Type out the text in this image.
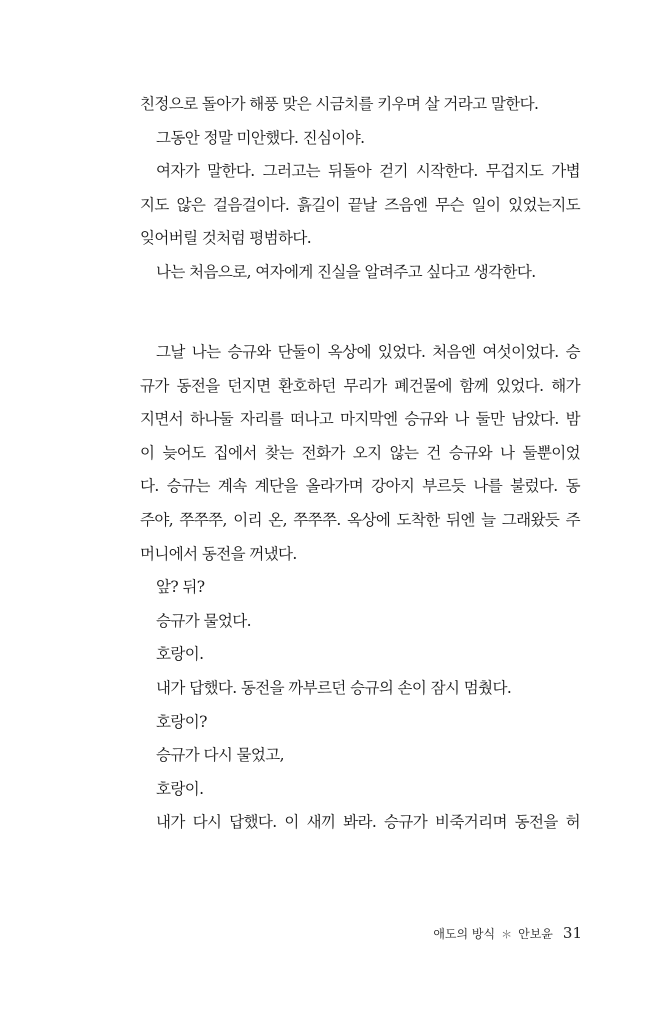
친정으로 돌아가 해풍 맞은 시금치를 키우며 살 거라고 말한다.
그동안 정말 미안했다. 진심이야.
여자가 말한다. 그러고는 뒤돌아 걷기 시작한다. 무겁지도 가볍
지도 않은 걸음걸이다. 흙길이 끝날 즈음엔 무슨 일이 있었는지도
잊어버릴 것처럼 평범하다.
나는 처음으로, 여자에게 진실을 알려주고 싶다고 생각한다.
그날 나는 승규와 단둘이 옥상에 있었다. 처음엔 여섯이었다. 승
규가 동전을 던지면 환호하던 무리가 폐건물에 함께 있었다. 해가
지면서 하나둘 자리를 떠나고 마지막엔 승규와 나 둘만 남았다. 밤
이 늦어도 집에서 찾는 전화가 오지 않는 건 승규와 나 둘뿐이었
다. 승규는 계속 계단을 올라가며 강아지 부르듯 나를 불렀다. 동
주야, 쭈쭈쭈, 이리 온, 쭈쭈쭈. 옥상에 도착한 뒤엔 늘 그래왔듯 주
머니에서 동전을 꺼냈다.
앞? 뒤?
승규가 물었다.
호랑이.
내가 답했다. 동전을 까부르던 승규의 손이 잠시 멈췄다.
호랑이?
승규가 다시 물었고,
호랑이.
내가 다시 답했다. 이 새끼 봐라. 승규가 비죽거리며 동전을 허
애도의 방식 ＊ 안보윤 31
